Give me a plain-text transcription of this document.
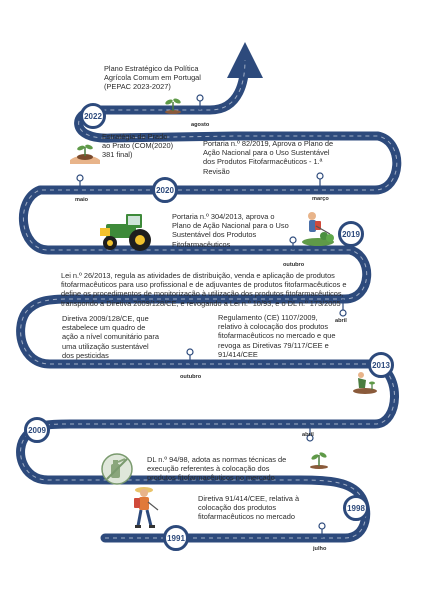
Plano Estratégico da Política Agrícola Comum em Portugal (PEPAC 2023-2027)
Estratégia do Prado ao Prato (COM(2020) 381 final)
Portaria n.º 82/2019, Aprova o Plano de Ação Nacional para o Uso Sustentável dos Produtos Fitofarmacêuticos - 1.ª Revisão
Portaria n.º 304/2013, aprova o Plano de Ação Nacional para o Uso Sustentável dos Produtos Fitofarmacêuticos
Lei n.º 26/2013, regula as atividades de distribuição, venda e aplicação de produtos fitofarmacêuticos para uso profissional e de adjuvantes de produtos fitofarmacêuticos e define os procedimentos de monitorização à utilização dos produtos fitofarmacêuticos, transpondo a Diretiva 2009/128/CE, e revogando a Lei n.º 10/93, e o DL n.º 173/2005
Regulamento (CE) 1107/2009, relativo à colocação dos produtos fitofarmacêuticos no mercado e que revoga as Diretivas 79/117/CEE e 91/414/CEE
Diretiva 2009/128/CE, que estabelece um quadro de ação a nível comunitário para uma utilização sustentável dos pesticidas
DL n.º 94/98, adota as normas técnicas de execução referentes à colocação dos produtos fitofarmacêuticos no mercado
Diretiva 91/414/CEE, relativa à colocação dos produtos fitofarmacêuticos no mercado
2022
2020
2019
2013
2009
1998
1991
agosto
maio	março
outubro
abril
outubro
abril
julho
